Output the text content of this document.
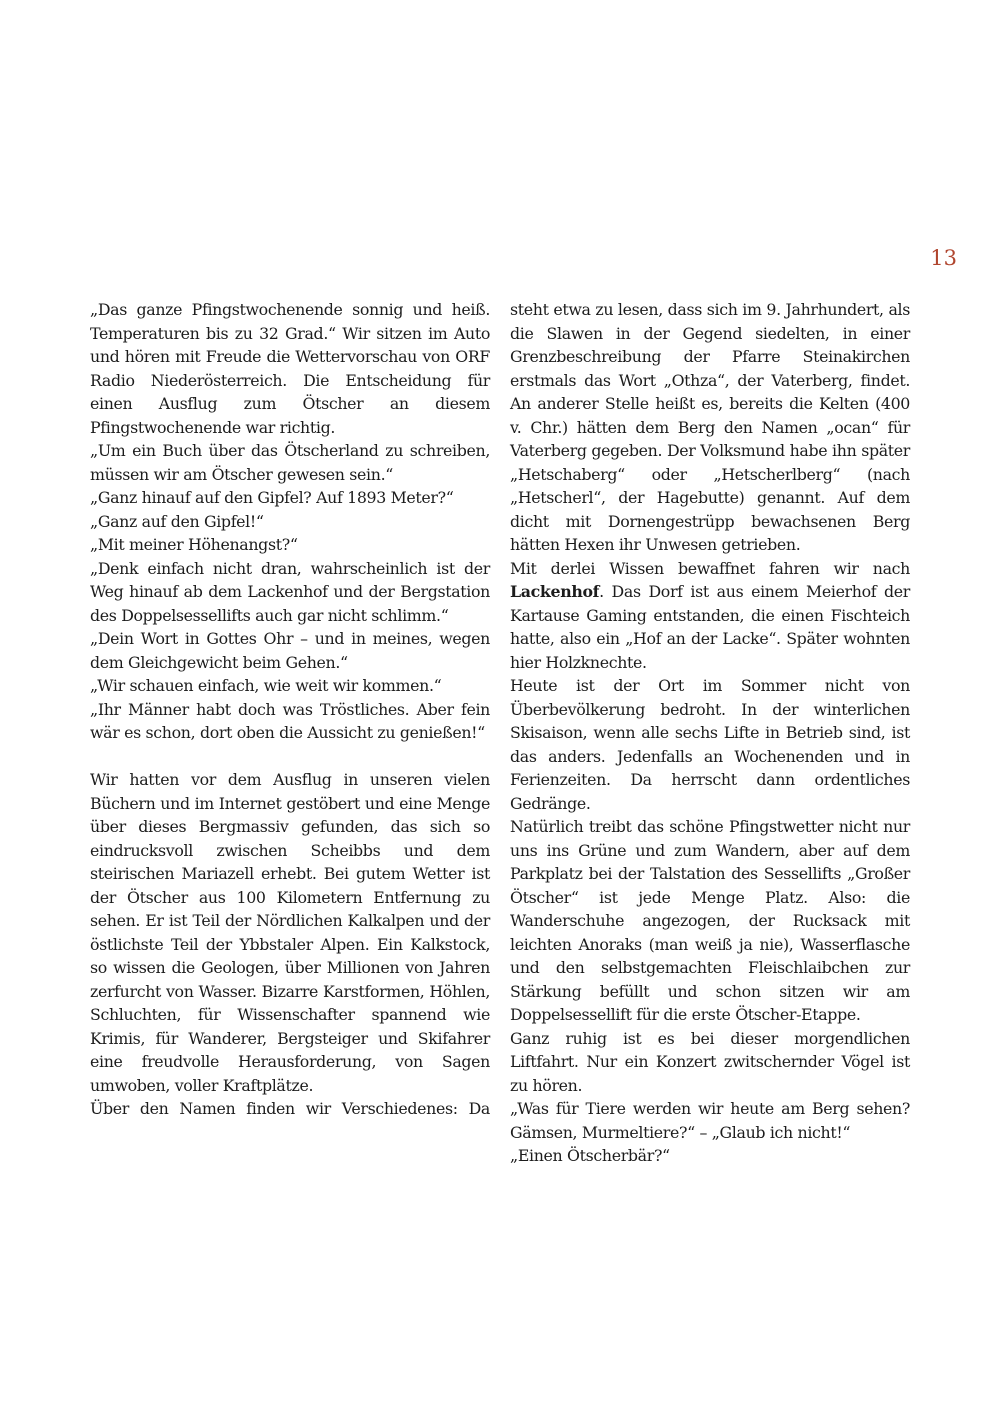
13

„Das ganze Pfingstwochenende sonnig und heiß. Temperaturen bis zu 32 Grad.“ Wir sitzen im Auto und hören mit Freude die Wettervorschau von ORF Radio Niederösterreich. Die Entscheidung für einen Ausflug zum Ötscher an diesem Pfingstwochenende war richtig.

„Um ein Buch über das Ötscherland zu schreiben, müssen wir am Ötscher gewesen sein.“

„Ganz hinauf auf den Gipfel? Auf 1893 Meter?“

„Ganz auf den Gipfel!“

„Mit meiner Höhenangst?“

„Denk einfach nicht dran, wahrscheinlich ist der Weg hinauf ab dem Lackenhof und der Bergstation des Doppelsessellifts auch gar nicht schlimm.“

„Dein Wort in Gottes Ohr – und in meines, wegen dem Gleichgewicht beim Gehen.“

„Wir schauen einfach, wie weit wir kommen.“

„Ihr Männer habt doch was Tröstliches. Aber fein wär es schon, dort oben die Aussicht zu genießen!“

Wir hatten vor dem Ausflug in unseren vielen Büchern und im Internet gestöbert und eine Menge über dieses Bergmassiv gefunden, das sich so eindrucksvoll zwischen Scheibbs und dem steirischen Mariazell erhebt. Bei gutem Wetter ist der Ötscher aus 100 Kilometern Entfernung zu sehen. Er ist Teil der Nördlichen Kalkalpen und der östlichste Teil der Ybbstaler Alpen. Ein Kalkstock, so wissen die Geologen, über Millionen von Jahren zerfurcht von Wasser. Bizarre Karstformen, Höhlen, Schluchten, für Wissenschafter spannend wie Krimis, für Wanderer, Bergsteiger und Skifahrer eine freudvolle Herausforderung, von Sagen umwoben, voller Kraftplätze.

Über den Namen finden wir Verschiedenes: Da

steht etwa zu lesen, dass sich im 9. Jahrhundert, als die Slawen in der Gegend siedelten, in einer Grenzbeschreibung der Pfarre Steinakirchen erstmals das Wort „Othza“, der Vaterberg, findet. An anderer Stelle heißt es, bereits die Kelten (400 v. Chr.) hätten dem Berg den Namen „ocan“ für Vaterberg gegeben. Der Volksmund habe ihn später „Hetschaberg“ oder „Hetscherlberg“ (nach „Hetscherl“, der Hagebutte) genannt. Auf dem dicht mit Dornengestrüpp bewachsenen Berg hätten Hexen ihr Unwesen getrieben.

Mit derlei Wissen bewaffnet fahren wir nach Lackenhof. Das Dorf ist aus einem Meierhof der Kartause Gaming entstanden, die einen Fischteich hatte, also ein „Hof an der Lacke“. Später wohnten hier Holzknechte.

Heute ist der Ort im Sommer nicht von Überbevölkerung bedroht. In der winterlichen Skisaison, wenn alle sechs Lifte in Betrieb sind, ist das anders. Jedenfalls an Wochenenden und in Ferienzeiten. Da herrscht dann ordentliches Gedränge.

Natürlich treibt das schöne Pfingstwetter nicht nur uns ins Grüne und zum Wandern, aber auf dem Parkplatz bei der Talstation des Sessellifts „Großer Ötscher“ ist jede Menge Platz. Also: die Wanderschuhe angezogen, der Rucksack mit leichten Anoraks (man weiß ja nie), Wasserflasche und den selbstgemachten Fleischlaibchen zur Stärkung befüllt und schon sitzen wir am Doppelsessellift für die erste Ötscher-Etappe.

Ganz ruhig ist es bei dieser morgendlichen Liftfahrt. Nur ein Konzert zwitschernder Vögel ist zu hören.

„Was für Tiere werden wir heute am Berg sehen? Gämsen, Murmeltiere?“ – „Glaub ich nicht!“

„Einen Ötscherbär?“
